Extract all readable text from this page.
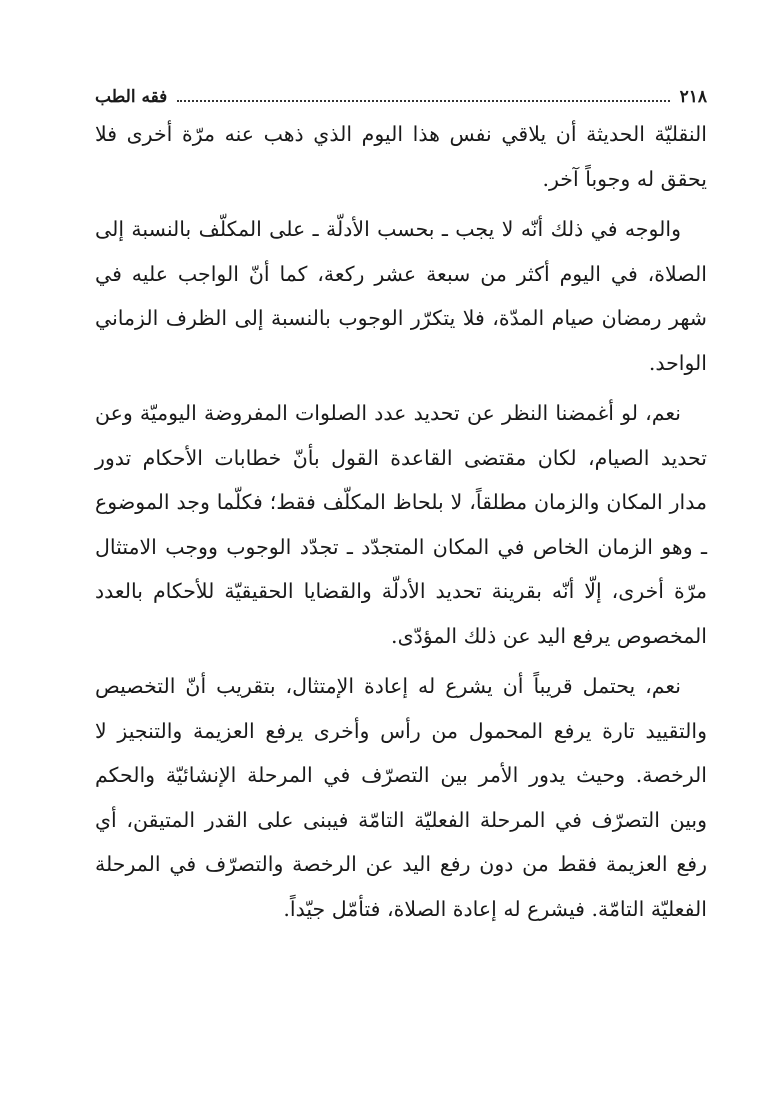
٢١٨
فقه الطب

النقليّة الحديثة أن يلاقي نفس هذا اليوم الذي ذهب عنه مرّة أخرى فلا يحقق له وجوباً آخر.

والوجه في ذلك أنّه لا يجب ـ بحسب الأدلّة ـ على المكلّف بالنسبة إلى الصلاة، في اليوم أكثر من سبعة عشر ركعة، كما أنّ الواجب عليه في شهر رمضان صيام المدّة، فلا يتكرّر الوجوب بالنسبة إلى الظرف الزماني الواحد.

نعم، لو أغمضنا النظر عن تحديد عدد الصلوات المفروضة اليوميّة وعن تحديد الصيام، لكان مقتضى القاعدة القول بأنّ خطابات الأحكام تدور مدار المكان والزمان مطلقاً، لا بلحاظ المكلّف فقط؛ فكلّما وجد الموضوع ـ وهو الزمان الخاص في المكان المتجدّد ـ تجدّد الوجوب ووجب الامتثال مرّة أخرى، إلّا أنّه بقرينة تحديد الأدلّة والقضايا الحقيقيّة للأحكام بالعدد المخصوص يرفع اليد عن ذلك المؤدّى.

نعم، يحتمل قريباً أن يشرع له إعادة الإمتثال، بتقريب أنّ التخصيص والتقييد تارة يرفع المحمول من رأس وأخرى يرفع العزيمة والتنجيز لا الرخصة. وحيث يدور الأمر بين التصرّف في المرحلة الإنشائيّة والحكم وبين التصرّف في المرحلة الفعليّة التامّة فيبنى على القدر المتيقن، أي رفع العزيمة فقط من دون رفع اليد عن الرخصة والتصرّف في المرحلة الفعليّة التامّة. فيشرع له إعادة الصلاة، فتأمّل جيّداً.
